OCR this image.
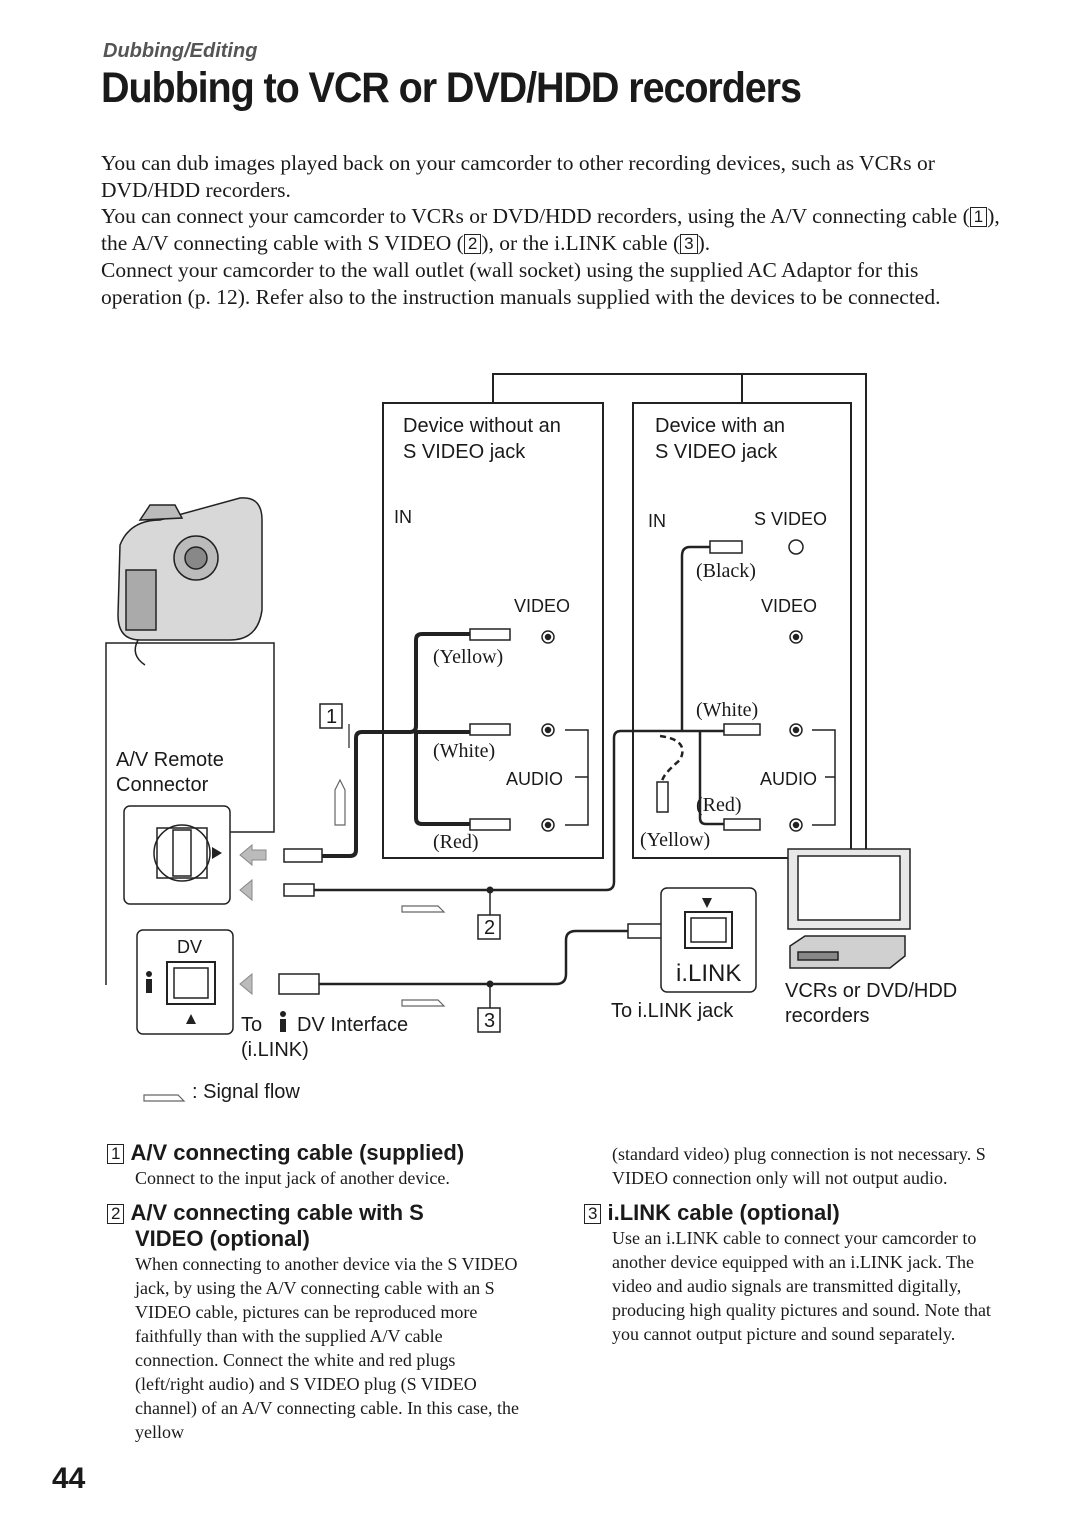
Dubbing/Editing
Dubbing to VCR or DVD/HDD recorders

You can dub images played back on your camcorder to other recording devices, such as VCRs or DVD/HDD recorders.

You can connect your camcorder to VCRs or DVD/HDD recorders, using the A/V connecting cable ( 1 ), the A/V connecting cable with S VIDEO ( 2 ), or the i.LINK cable ( 3 ).

Connect your camcorder to the wall outlet (wall socket) using the supplied AC Adaptor for this operation (p. 12). Refer also to the instruction manuals supplied with the devices to be connected.

Device without an
S VIDEO jack
Device with an
S VIDEO jack
IN	IN	S VIDEO
VIDEO	VIDEO
AUDIO	AUDIO
(Yellow)
(White)
(Red)
(Black)
(White)
(Red)
(Yellow)
1
2
3
A/V Remote
Connector
DV
To DV Interface
(i.LINK)
: Signal flow
i.LINK
To i.LINK jack
VCRs or DVD/HDD
recorders
1 A/V connecting cable (supplied)

Connect to the input jack of another device.

2 A/V connecting cable with S
VIDEO (optional)

When connecting to another device via the S VIDEO jack, by using the A/V connecting cable with an S VIDEO cable, pictures can be reproduced more faithfully than with the supplied A/V cable connection. Connect the white and red plugs (left/right audio) and S VIDEO plug (S VIDEO channel) of an A/V connecting cable. In this case, the yellow

(standard video) plug connection is not necessary. S VIDEO connection only will not output audio.

3 i.LINK cable (optional)

Use an i.LINK cable to connect your camcorder to another device equipped with an i.LINK jack. The video and audio signals are transmitted digitally, producing high quality pictures and sound. Note that you cannot output picture and sound separately.

44
